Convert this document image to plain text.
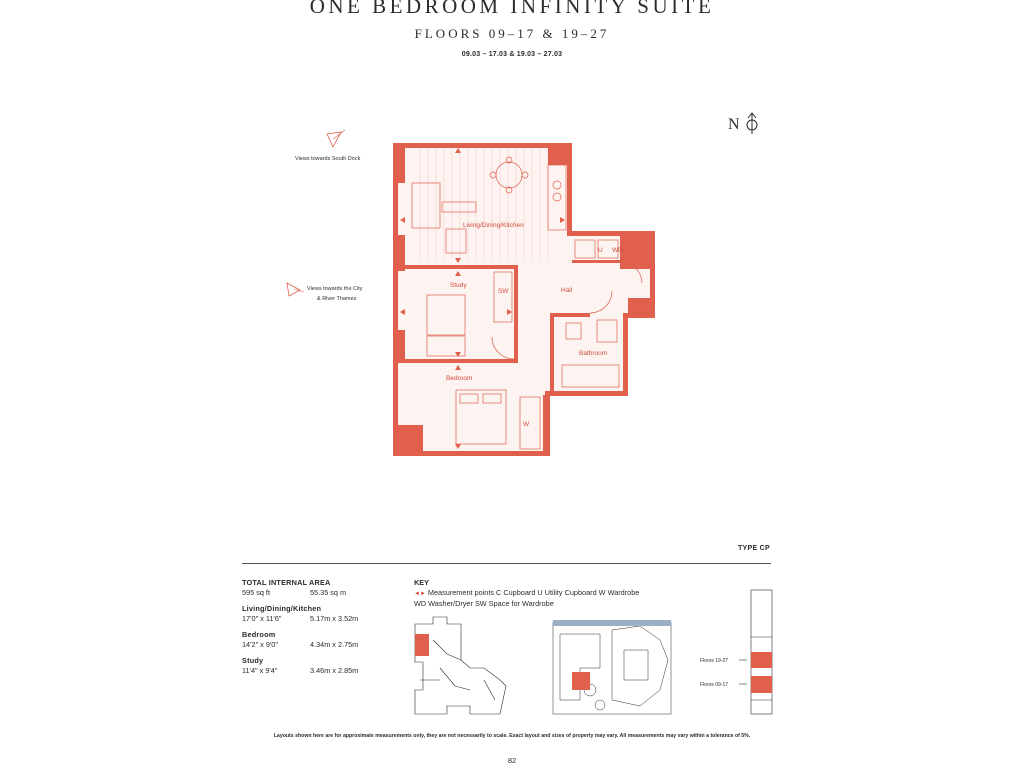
ONE BEDROOM INFINITY SUITE
FLOORS 09–17 & 19–27
09.03 – 17.03 & 19.03 – 27.03
N
Views towards South Dock
Views towards the City
& River Thames
Living/Dining/Kitchen
Study
SW	Hall
Bathroom
Bedroom
W
U WD
Floors 19-27
Floors 09-17
TYPE CP
TOTAL INTERNAL AREA
595 sq ft	55.35 sq m
Living/Dining/Kitchen
17'0" x 11'6"	5.17m x 3.52m
Bedroom
14'2" x 9'0"	4.34m x 2.75m
Study
11'4" x 9'4"	3.46m x 2.85m
KEY
◄► Measurement points C Cupboard U Utility Cupboard W Wardrobe
WD Washer/Dryer SW Space for Wardrobe
Layouts shown here are for approximate measurements only, they are not necessarily to scale. Exact layout and sizes of property may vary. All measurements may vary within a tolerance of 5%.
82
